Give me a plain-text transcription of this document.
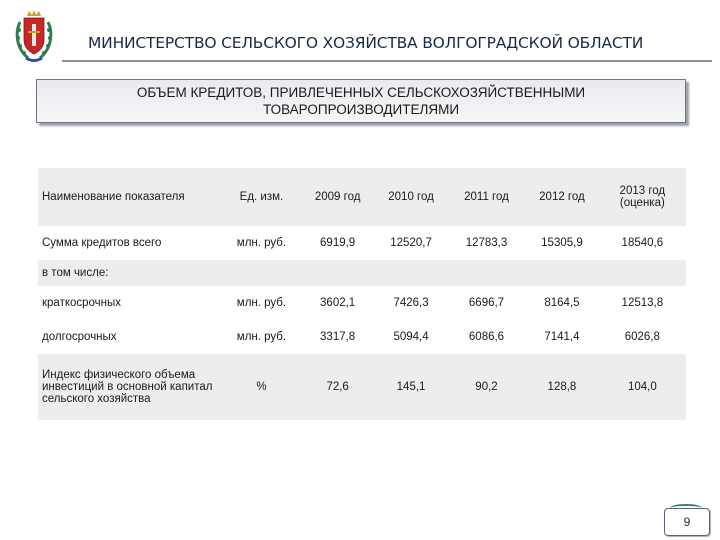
МИНИСТЕРСТВО СЕЛЬСКОГО ХОЗЯЙСТВА ВОЛГОГРАДСКОЙ ОБЛАСТИ
ОБЪЕМ КРЕДИТОВ, ПРИВЛЕЧЕННЫХ СЕЛЬСКОХОЗЯЙСТВЕННЫМИ
ТОВАРОПРОИЗВОДИТЕЛЯМИ
Наименование показателя	Ед. изм.	2009 год	2010 год	2011 год	2012 год	2013 год (оценка)
Сумма кредитов всего	млн. руб.	6919,9	12520,7	12783,3	15305,9	18540,6
в том числе:						
краткосрочных	млн. руб.	3602,1	7426,3	6696,7	8164,5	12513,8
долгосрочных	млн. руб.	3317,8	5094,4	6086,6	7141,4	6026,8
Индекс физического объема инвестиций в основной капитал сельского хозяйства	%	72,6	145,1	90,2	128,8	104,0
9
